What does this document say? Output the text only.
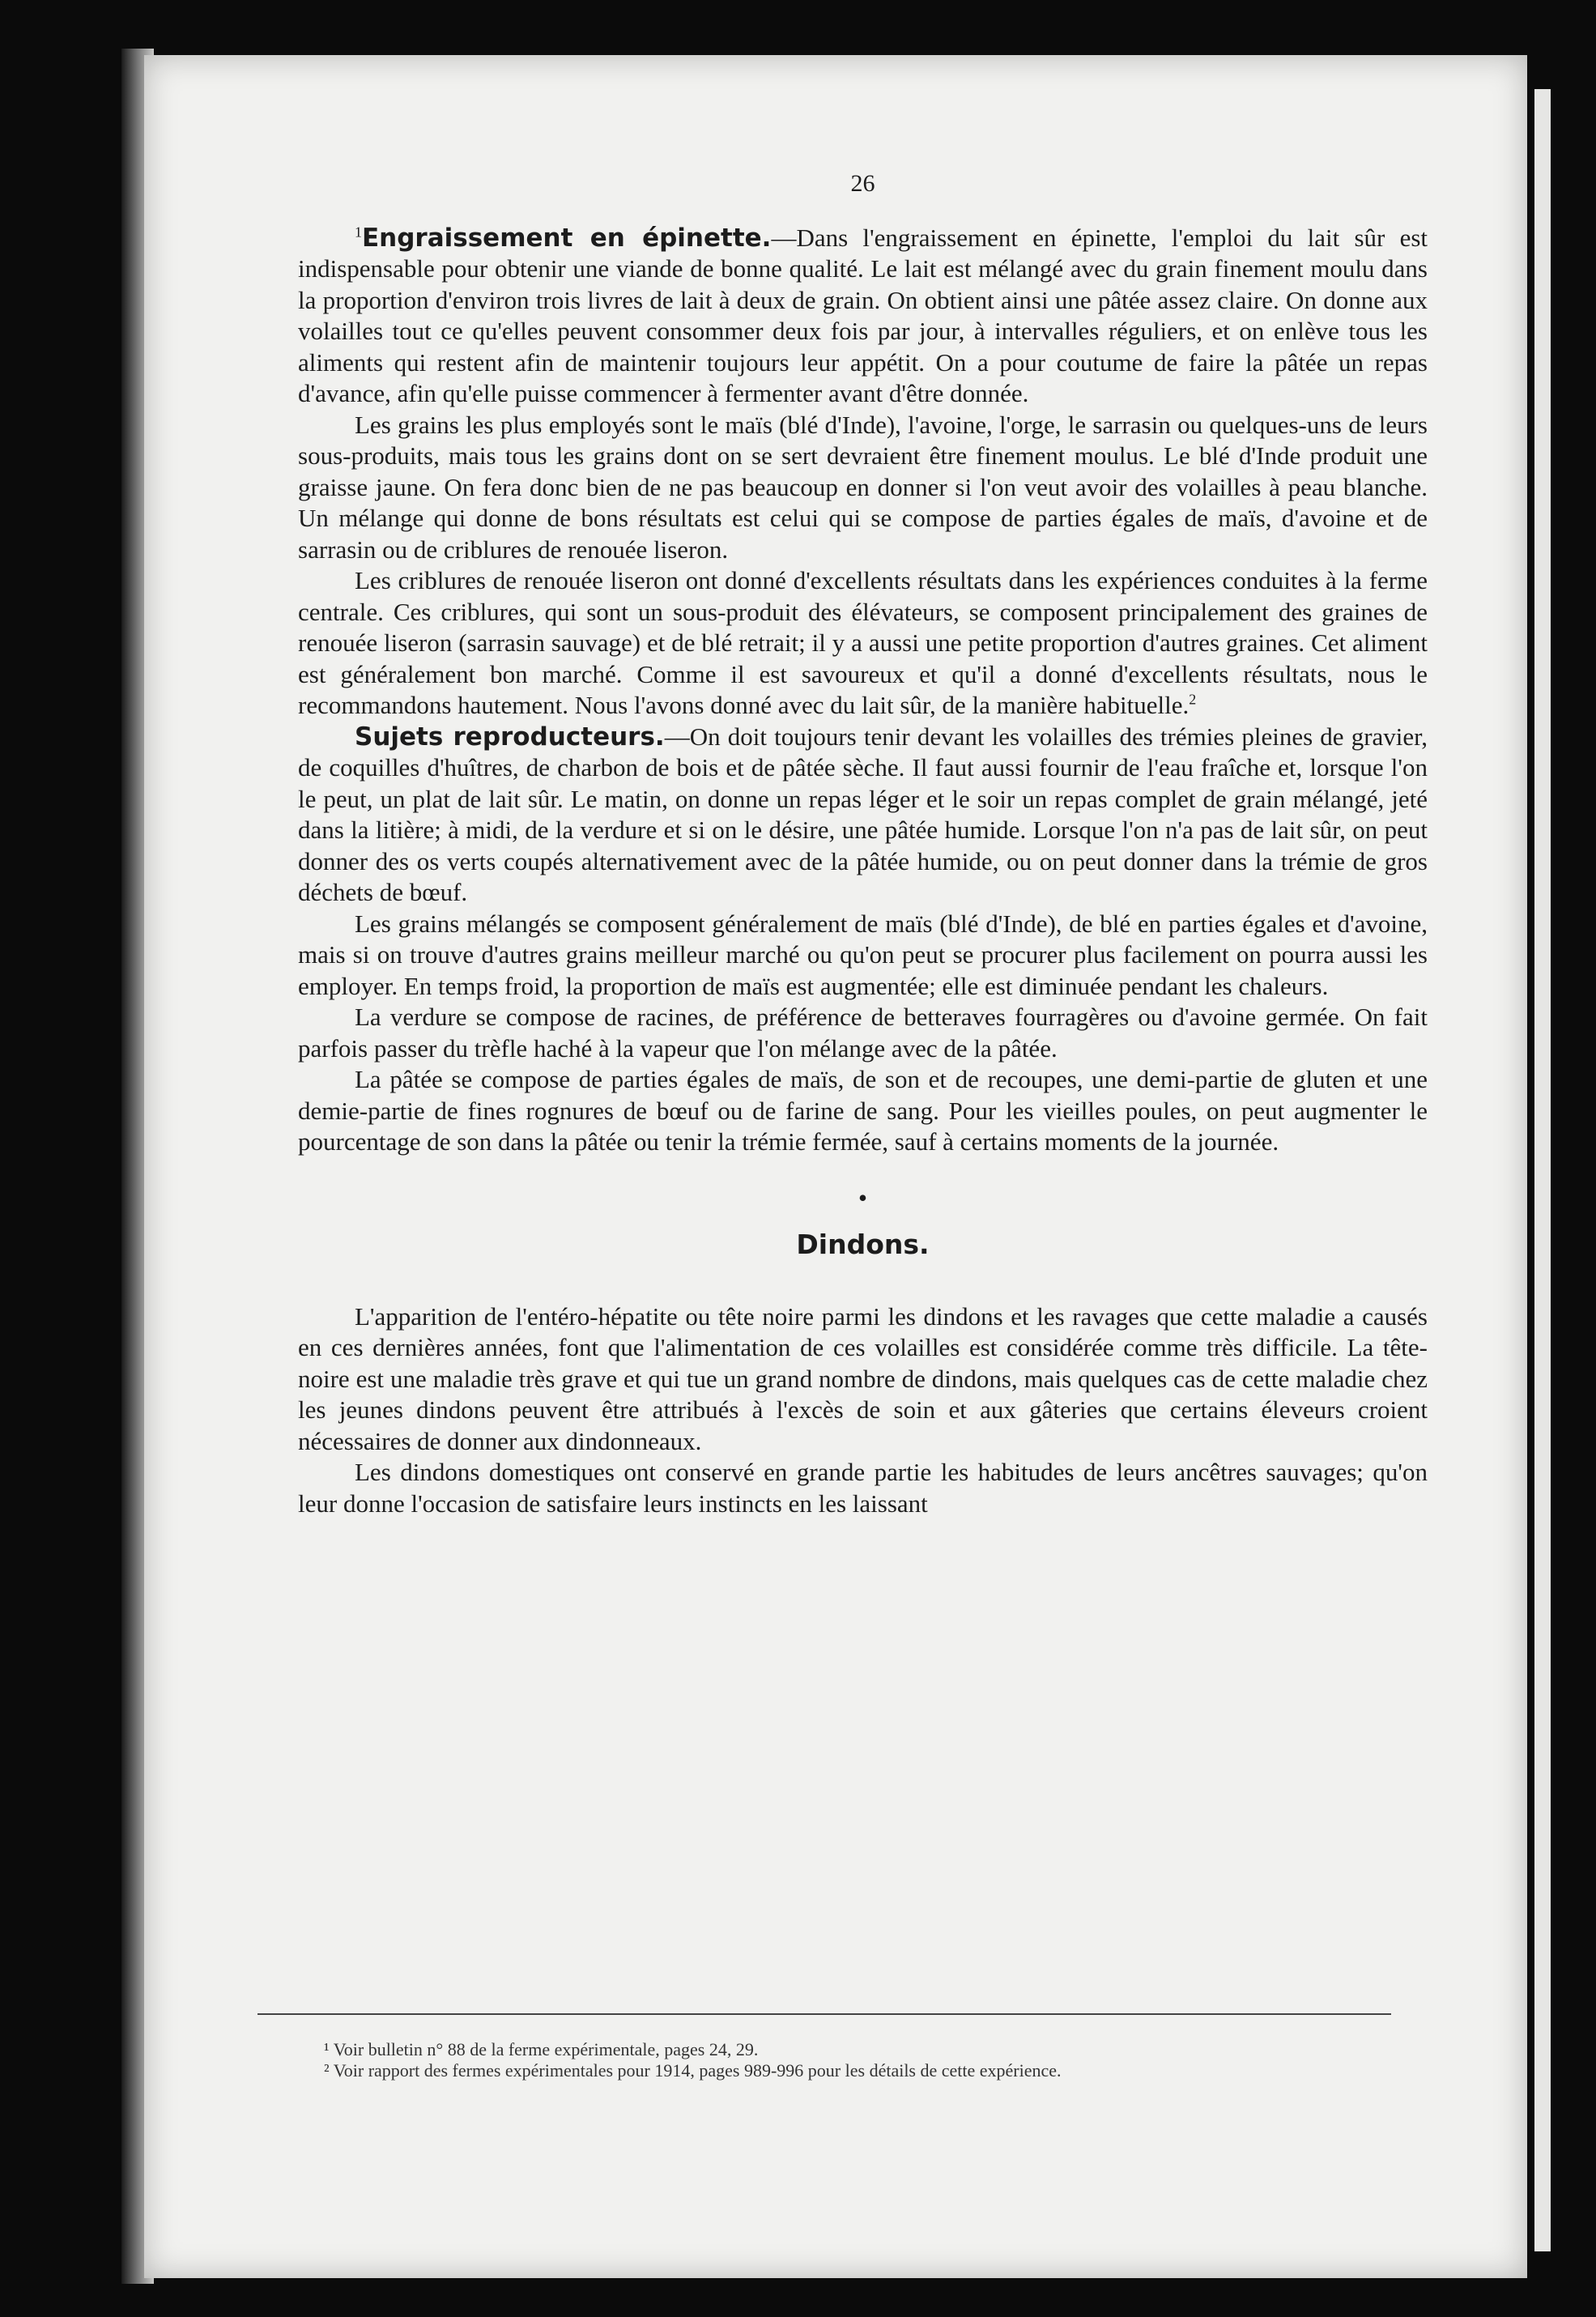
26

$^1$Engraissement en épinette.—Dans l'engraissement en épinette, l'emploi du lait sûr est indispensable pour obtenir une viande de bonne qualité. Le lait est mélangé avec du grain finement moulu dans la proportion d'environ trois livres de lait à deux de grain. On obtient ainsi une pâtée assez claire. On donne aux volailles tout ce qu'elles peuvent consommer deux fois par jour, à intervalles réguliers, et on enlève tous les aliments qui restent afin de maintenir toujours leur appétit. On a pour coutume de faire la pâtée un repas d'avance, afin qu'elle puisse commencer à fermenter avant d'être donnée.

Les grains les plus employés sont le maïs (blé d'Inde), l'avoine, l'orge, le sarrasin ou quelques-uns de leurs sous-produits, mais tous les grains dont on se sert devraient être finement moulus. Le blé d'Inde produit une graisse jaune. On fera donc bien de ne pas beaucoup en donner si l'on veut avoir des volailles à peau blanche. Un mélange qui donne de bons résultats est celui qui se compose de parties égales de maïs, d'avoine et de sarrasin ou de criblures de renouée liseron.

Les criblures de renouée liseron ont donné d'excellents résultats dans les expériences conduites à la ferme centrale. Ces criblures, qui sont un sous-produit des élévateurs, se composent principalement des graines de renouée liseron (sarrasin sauvage) et de blé retrait; il y a aussi une petite proportion d'autres graines. Cet aliment est généralement bon marché. Comme il est savoureux et qu'il a donné d'excellents résultats, nous le recommandons hautement. Nous l'avons donné avec du lait sûr, de la manière habituelle.$^2$

Sujets reproducteurs.—On doit toujours tenir devant les volailles des trémies pleines de gravier, de coquilles d'huîtres, de charbon de bois et de pâtée sèche. Il faut aussi fournir de l'eau fraîche et, lorsque l'on le peut, un plat de lait sûr. Le matin, on donne un repas léger et le soir un repas complet de grain mélangé, jeté dans la litière; à midi, de la verdure et si on le désire, une pâtée humide. Lorsque l'on n'a pas de lait sûr, on peut donner des os verts coupés alternativement avec de la pâtée humide, ou on peut donner dans la trémie de gros déchets de bœuf.

Les grains mélangés se composent généralement de maïs (blé d'Inde), de blé en parties égales et d'avoine, mais si on trouve d'autres grains meilleur marché ou qu'on peut se procurer plus facilement on pourra aussi les employer. En temps froid, la proportion de maïs est augmentée; elle est diminuée pendant les chaleurs.

La verdure se compose de racines, de préférence de betteraves fourragères ou d'avoine germée. On fait parfois passer du trèfle haché à la vapeur que l'on mélange avec de la pâtée.

La pâtée se compose de parties égales de maïs, de son et de recoupes, une demi-partie de gluten et une demie-partie de fines rognures de bœuf ou de farine de sang. Pour les vieilles poules, on peut augmenter le pourcentage de son dans la pâtée ou tenir la trémie fermée, sauf à certains moments de la journée.

•
Dindons.

L'apparition de l'entéro-hépatite ou tête noire parmi les dindons et les ravages que cette maladie a causés en ces dernières années, font que l'alimentation de ces volailles est considérée comme très difficile. La tête-noire est une maladie très grave et qui tue un grand nombre de dindons, mais quelques cas de cette maladie chez les jeunes dindons peuvent être attribués à l'excès de soin et aux gâteries que certains éleveurs croient nécessaires de donner aux dindonneaux.

Les dindons domestiques ont conservé en grande partie les habitudes de leurs ancêtres sauvages; qu'on leur donne l'occasion de satisfaire leurs instincts en les laissant

¹ Voir bulletin n° 88 de la ferme expérimentale, pages 24, 29.

² Voir rapport des fermes expérimentales pour 1914, pages 989-996 pour les détails de cette expérience.
